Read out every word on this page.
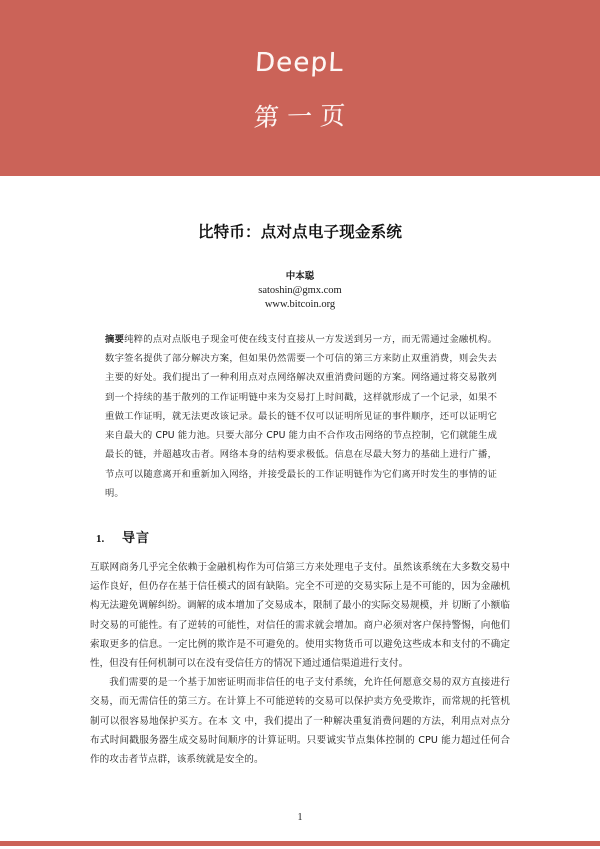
DeepL
第一页
比特币：点对点电子现金系统
中本聪
satoshin@gmx.com
www.bitcoin.org

摘要纯粹的点对点版电子现金可使在线支付直接从一方发送到另一方，而无需通过金融机构。数字签名提供了部分解决方案，但如果仍然需要一个可信的第三方来防止双重消费，则会失去主要的好处。我们提出了一种利用点对点网络解决双重消费问题的方案。网络通过将交易散列到一个持续的基于散列的工作证明链中来为交易打上时间戳，这样就形成了一个记录，如果不重做工作证明，就无法更改该记录。最长的链不仅可以证明所见证的事件顺序，还可以证明它来自最大的 CPU 能力池。只要大部分 CPU 能力由不合作攻击网络的节点控制，它们就能生成最长的链，并超越攻击者。网络本身的结构要求极低。信息在尽最大努力的基础上进行广播，节点可以随意离开和重新加入网络，并接受最长的工作证明链作为它们离开时发生的事情的证明。

1.	导言

互联网商务几乎完全依赖于金融机构作为可信第三方来处理电子支付。虽然该系统在大多数交易中运作良好，但仍存在基于信任模式的固有缺陷。完全不可逆的交易实际上是不可能的，因为金融机构无法避免调解纠纷。调解的成本增加了交易成本，限制了最小的实际交易规模，并 切断了小额临时交易的可能性。有了逆转的可能性，对信任的需求就会增加。商户必须对客户保持警惕，向他们索取更多的信息。一定比例的欺诈是不可避免的。使用实物货币可以避免这些成本和支付的不确定性，但没有任何机制可以在没有受信任方的情况下通过通信渠道进行支付。

我们需要的是一个基于加密证明而非信任的电子支付系统，允许任何愿意交易的双方直接进行交易，而无需信任的第三方。在计算上不可能逆转的交易可以保护卖方免受欺诈，而常规的托管机制可以很容易地保护买方。在本 文 中，我们提出了一种解决重复消费问题的方法，利用点对点分布式时间戳服务器生成交易时间顺序的计算证明。只要诚实节点集体控制的 CPU 能力超过任何合作的攻击者节点群，该系统就是安全的。

1
